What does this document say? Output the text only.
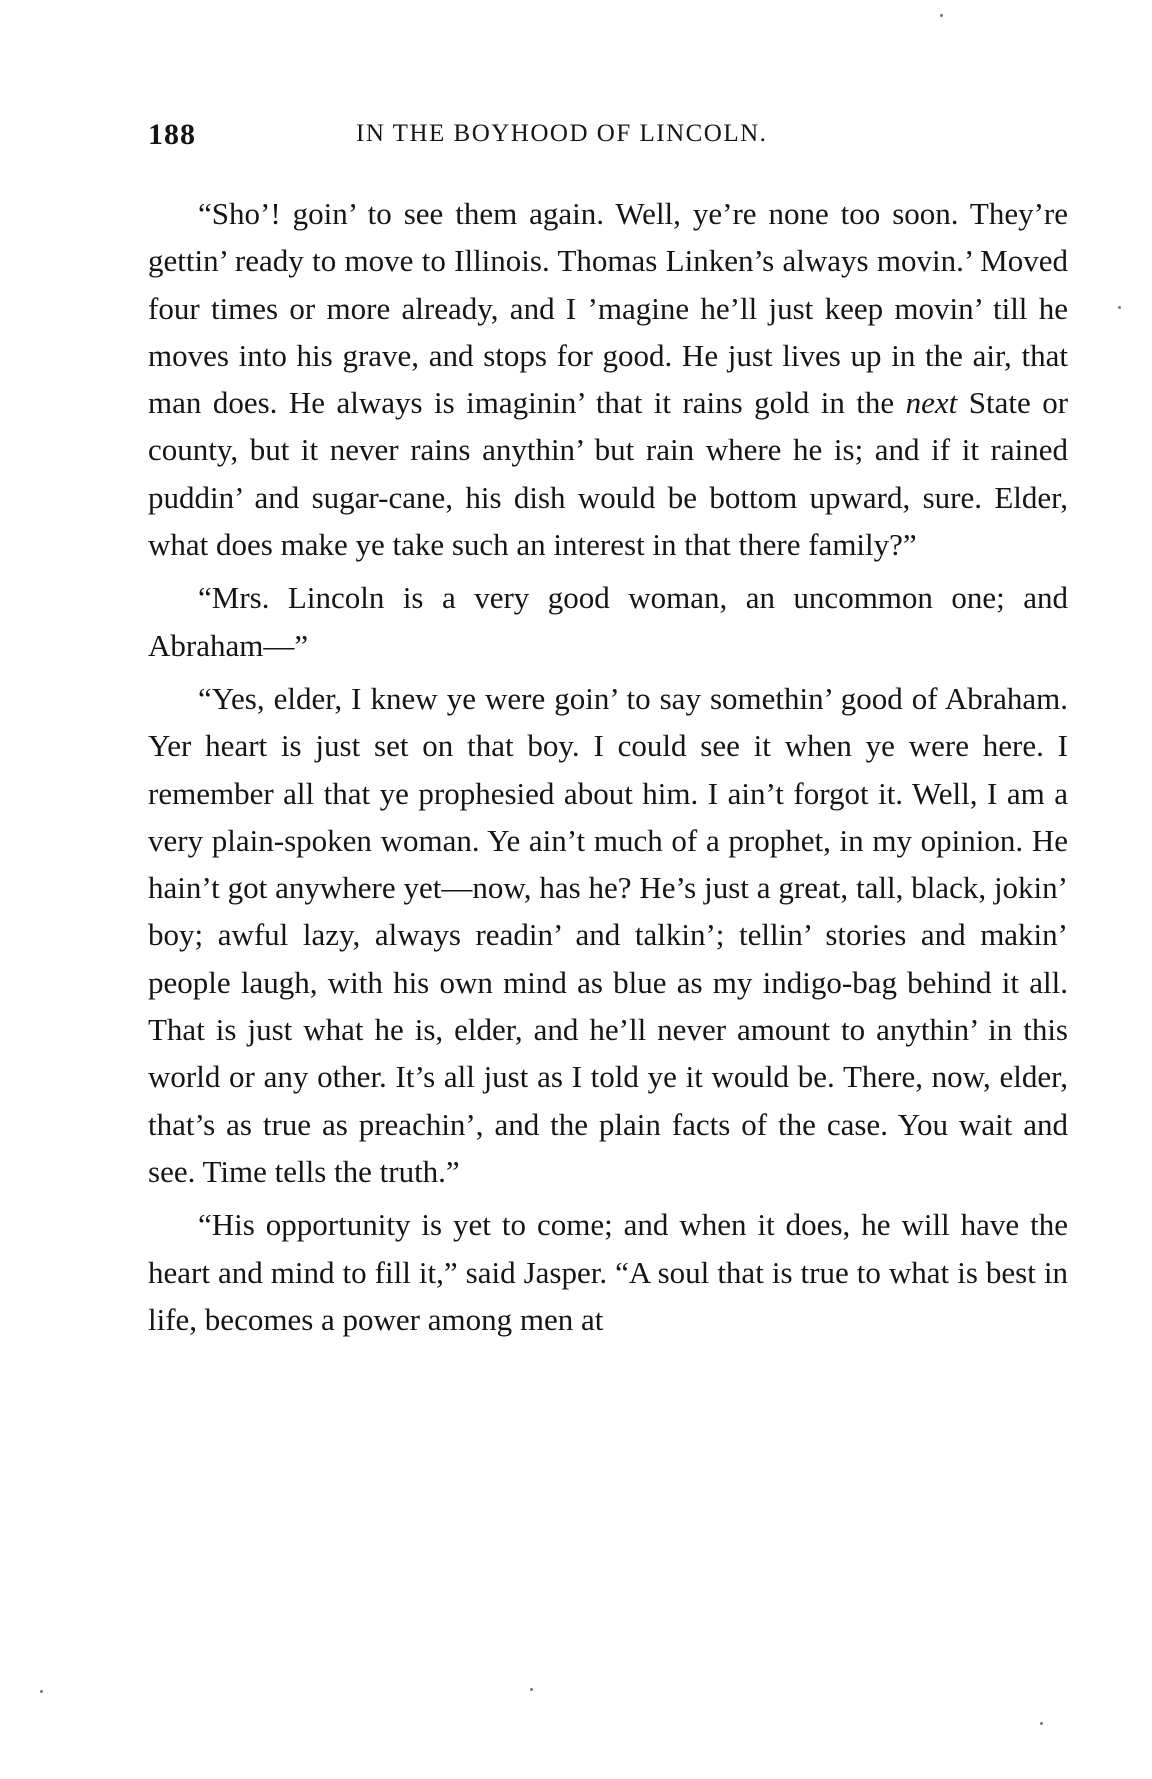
188	IN THE BOYHOOD OF LINCOLN.

“Sho’! goin’ to see them again. Well, ye’re none too soon. They’re gettin’ ready to move to Illinois. Thomas Linken’s always movin.’ Moved four times or more already, and I ’magine he’ll just keep movin’ till he moves into his grave, and stops for good. He just lives up in the air, that man does. He always is imaginin’ that it rains gold in the next State or county, but it never rains anythin’ but rain where he is; and if it rained puddin’ and sugar-cane, his dish would be bottom upward, sure. Elder, what does make ye take such an interest in that there family?”

“Mrs. Lincoln is a very good woman, an uncommon one; and Abraham—”

“Yes, elder, I knew ye were goin’ to say somethin’ good of Abraham. Yer heart is just set on that boy. I could see it when ye were here. I remember all that ye prophesied about him. I ain’t forgot it. Well, I am a very plain-spoken woman. Ye ain’t much of a prophet, in my opinion. He hain’t got anywhere yet—now, has he? He’s just a great, tall, black, jokin’ boy; awful lazy, always readin’ and talkin’; tellin’ stories and makin’ people laugh, with his own mind as blue as my indigo-bag behind it all. That is just what he is, elder, and he’ll never amount to anythin’ in this world or any other. It’s all just as I told ye it would be. There, now, elder, that’s as true as preachin’, and the plain facts of the case. You wait and see. Time tells the truth.”

“His opportunity is yet to come; and when it does, he will have the heart and mind to fill it,” said Jasper. “A soul that is true to what is best in life, becomes a power among men at
